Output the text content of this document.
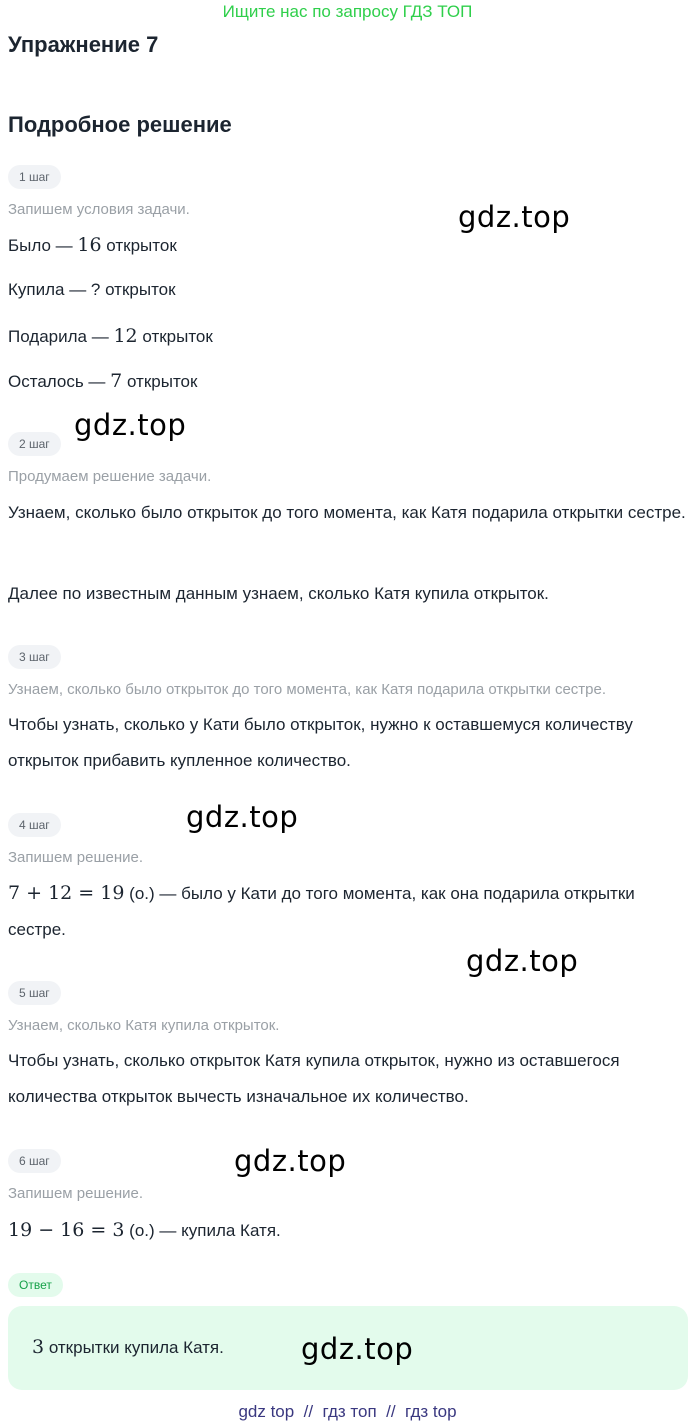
Ищите нас по запросу ГДЗ ТОП
Упражнение 7
Подробное решение
1 шаг
Запишем условия задачи.
Было — 16 открыток
Купила — ? открыток
Подарила — 12 открыток
Осталось — 7 открыток
2 шаг
Продумаем решение задачи.
Узнаем, сколько было открыток до того момента, как Катя подарила открытки сестре.
Далее по известным данным узнаем, сколько Катя купила открыток.
3 шаг
Узнаем, сколько было открыток до того момента, как Катя подарила открытки сестре.
Чтобы узнать, сколько у Кати было открыток, нужно к оставшемуся количеству открыток прибавить купленное количество.
4 шаг
Запишем решение.
7 + 12 = 19 (о.) — было у Кати до того момента, как она подарила открытки сестре.
5 шаг
Узнаем, сколько Катя купила открыток.
Чтобы узнать, сколько открыток Катя купила открыток, нужно из оставшегося количества открыток вычесть изначальное их количество.
6 шаг
Запишем решение.
19 − 16 = 3 (о.) — купила Катя.
Ответ
3 открытки купила Катя.
gdz.top
gdz.top
gdz.top
gdz.top
gdz.top
gdz.top
gdz top  //  гдз топ  //  гдз top
